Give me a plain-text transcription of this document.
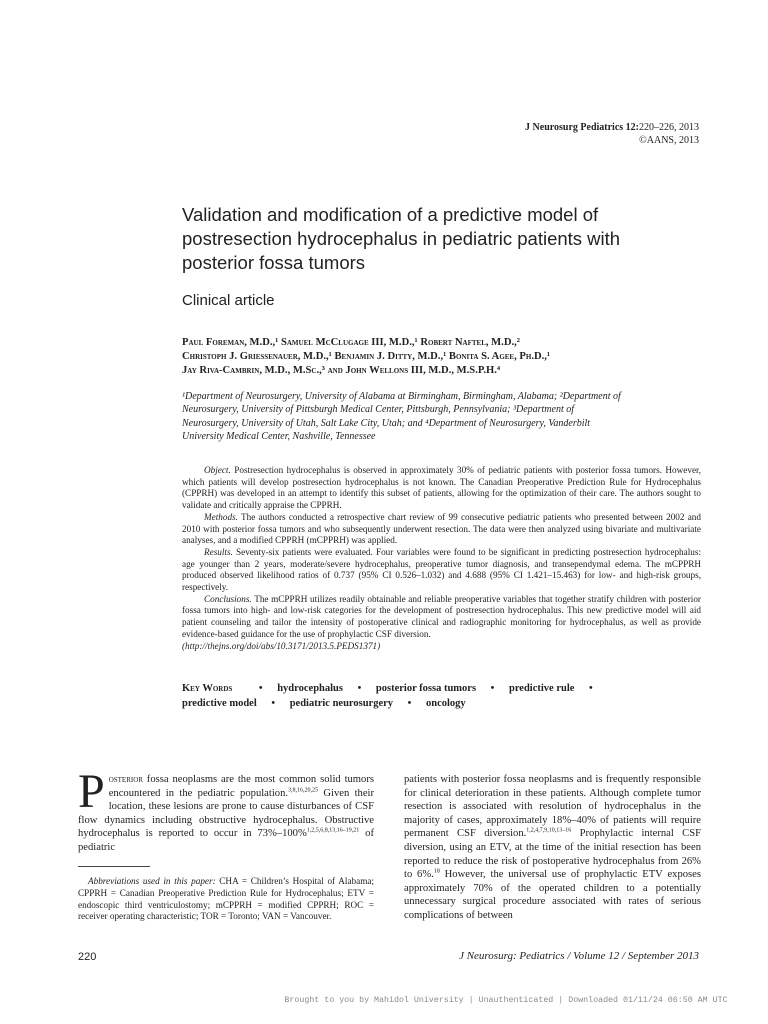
J Neurosurg Pediatrics 12:220–226, 2013
©AANS, 2013
Validation and modification of a predictive model of
postresection hydrocephalus in pediatric patients with
posterior fossa tumors
Clinical article
Paul Foreman, M.D.,¹ Samuel McClugage III, M.D.,¹ Robert Naftel, M.D.,²
Christoph J. Griessenauer, M.D.,¹ Benjamin J. Ditty, M.D.,¹ Bonita S. Agee, Ph.D.,¹
Jay Riva-Cambrin, M.D., M.Sc.,³ and John Wellons III, M.D., M.S.P.H.⁴
¹Department of Neurosurgery, University of Alabama at Birmingham, Birmingham, Alabama; ²Department of
Neurosurgery, University of Pittsburgh Medical Center, Pittsburgh, Pennsylvania; ³Department of
Neurosurgery, University of Utah, Salt Lake City, Utah; and ⁴Department of Neurosurgery, Vanderbilt
University Medical Center, Nashville, Tennessee

Object. Postresection hydrocephalus is observed in approximately 30% of pediatric patients with posterior fossa tumors. However, which patients will develop postresection hydrocephalus is not known. The Canadian Preoperative Prediction Rule for Hydrocephalus (CPPRH) was developed in an attempt to identify this subset of patients, allowing for the optimization of their care. The authors sought to validate and critically appraise the CPPRH.

Methods. The authors conducted a retrospective chart review of 99 consecutive pediatric patients who presented between 2002 and 2010 with posterior fossa tumors and who subsequently underwent resection. The data were then analyzed using bivariate and multivariate analyses, and a modified CPPRH (mCPPRH) was applied.

Results. Seventy-six patients were evaluated. Four variables were found to be significant in predicting postresection hydrocephalus: age younger than 2 years, moderate/severe hydrocephalus, preoperative tumor diagnosis, and transependymal edema. The mCPPRH produced observed likelihood ratios of 0.737 (95% CI 0.526–1.032) and 4.688 (95% CI 1.421–15.463) for low- and high-risk groups, respectively.

Conclusions. The mCPPRH utilizes readily obtainable and reliable preoperative variables that together stratify children with posterior fossa tumors into high- and low-risk categories for the development of postresection hydrocephalus. This new predictive model will aid patient counseling and tailor the intensity of postoperative clinical and radiographic monitoring for hydrocephalus, as well as provide evidence-based guidance for the use of prophylactic CSF diversion.

(http://thejns.org/doi/abs/10.3171/2013.5.PEDS1371)

Key Words	• hydrocephalus • posterior fossa tumors • predictive rule •
predictive model • pediatric neurosurgery • oncology
Posterior fossa neoplasms are the most common solid tumors encountered in the pediatric population.$^{3,8,16,20,25}$ Given their location, these lesions are prone to cause disturbances of CSF flow dynamics including obstructive hydrocephalus. Obstructive hydrocephalus is reported to occur in 73%–100%$^{1,2,5,6,8,13,16-19,21}$ of pediatric

Abbreviations used in this paper: CHA = Children’s Hospital of Alabama; CPPRH = Canadian Preoperative Prediction Rule for Hydrocephalus; ETV = endoscopic third ventriculostomy; mCPPRH = modified CPPRH; ROC = receiver operating characteristic; TOR = Toronto; VAN = Vancouver.

patients with posterior fossa neoplasms and is frequently responsible for clinical deterioration in these patients. Although complete tumor resection is associated with resolution of hydrocephalus in the majority of cases, approximately 18%–40% of patients will require permanent CSF diversion.$^{1,2,4,7,9,10,13-16}$ Prophylactic internal CSF diversion, using an ETV, at the time of the initial resection has been reported to reduce the risk of postoperative hydrocephalus from 26% to 6%.$^{18}$ However, the universal use of prophylactic ETV exposes approximately 70% of the operated children to a potentially unnecessary surgical procedure associated with rates of serious complications of between
220	J Neurosurg: Pediatrics / Volume 12 / September 2013
Brought to you by Mahidol University | Unauthenticated | Downloaded 01/11/24 06:50 AM UTC
